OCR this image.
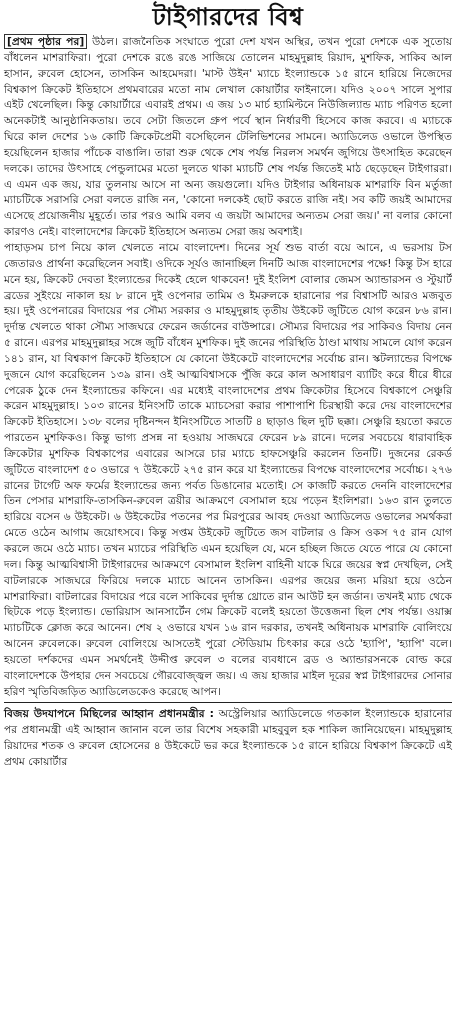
টাইগারদের বিশ্ব

[প্রথম পৃষ্ঠার পর] উঠল। রাজনৈতিক সংঘাতে পুরো দেশ যখন অস্থির, তখন পুরো দেশকে এক সুতোয় বাঁধলেন মাশরাফিরা। পুরো দেশকে রঙে রঙে সাজিয়ে তোলেন মাহমুদুল্লাহ রিয়াদ, মুশফিক, সাকিব আল হাসান, রুবেল হোসেন, তাসকিন আহমেদরা। 'মাস্ট উইন' ম্যাচে ইংল্যান্ডকে ১৫ রানে হারিয়ে নিজেদের বিশ্বকাপ ক্রিকেট ইতিহাসে প্রথমবারের মতো নাম লেখাল কোয়ার্টার ফাইনালে। যদিও ২০০৭ সালে সুপার এইট খেলেছিল। কিন্তু কোয়ার্টারে এবারই প্রথম। এ জয় ১৩ মার্চ হ্যামিল্টনে নিউজিল্যান্ড ম্যাচ পরিণত হলো অনেকটাই আনুষ্ঠানিকতায়। তবে সেটা জিতলে গ্রুপ পর্বে স্থান নির্ধারণী হিসেবে কাজ করবে। এ ম্যাচকে ঘিরে কাল দেশের ১৬ কোটি ক্রিকেটপ্রেমী বসেছিলেন টেলিভিশনের সামনে। অ্যাডিলেড ওভালে উপস্থিত হয়েছিলেন হাজার পাঁচেক বাঙালি। তারা শুরু থেকে শেষ পর্যন্ত নিরলস সমর্থন জুগিয়ে উৎসাহিত করেছেন দলকে। তাদের উৎসাহে পেন্ডুলামের মতো দুলতে থাকা ম্যাচটি শেষ পর্যন্ত জিতেই মাঠ ছেড়েছেন টাইগাররা। এ এমন এক জয়, যার তুলনায় আসে না অন্য জয়গুলো। যদিও টাইগার অধিনায়ক মাশরাফি বিন মর্তুজা ম্যাচটিকে সরাসরি সেরা বলতে রাজি নন, 'কোনো দলকেই ছোট করতে রাজি নই। সব কটি জয়ই আমাদের এসেছে প্রয়োজনীয় মুহূর্তে। তার পরও আমি বলব এ জয়টা আমাদের অন্যতম সেরা জয়।' না বলার কোনো কারণও নেই। বাংলাদেশের ক্রিকেট ইতিহাসে অন্যতম সেরা জয় অবশ্যই।

পাহাড়সম চাপ নিয়ে কাল খেলতে নামে বাংলাদেশ। দিনের সূর্য শুভ বার্তা বয়ে আনে, এ ভরসায় টস জেতারও প্রার্থনা করেছিলেন সবাই। ওদিকে সূর্যও জানাচ্ছিল দিনটি আজ বাংলাদেশের পক্ষে! কিন্তু টস হারে মনে হয়, ক্রিকেট দেবতা ইংল্যান্ডের দিকেই হেলে থাকবেন! দুই ইংলিশ বোলার জেমস অ্যান্ডারসন ও স্টুয়ার্ট ব্রডের সুইংয়ে নাকাল হয় ৮ রানে দুই ওপেনার তামিম ও ইমরুলকে হারানোর পর বিশ্বাসটি আরও মজবুত হয়। দুই ওপেনারের বিদায়ের পর সৌম্য সরকার ও মাহমুদুল্লাহ তৃতীয় উইকেট জুটিতে যোগ করেন ৮৬ রান। দুর্দান্ত খেলতে থাকা সৌম্য সাজঘরে ফেরেন জর্ডানের বাউন্সারে। সৌম্যর বিদায়ের পর সাকিবও বিদায় নেন ৫ রানে। এরপর মাহমুদুল্লাহর সঙ্গে জুটি বাঁধেন মুশফিক। দুই জনের পরিস্থিতি ঠাণ্ডা মাথায় সামলে যোগ করেন ১৪১ রান, যা বিশ্বকাপ ক্রিকেট ইতিহাসে যে কোনো উইকেটে বাংলাদেশের সর্বোচ্চ রান। স্কটল্যান্ডের বিপক্ষে দুজনে যোগ করেছিলেন ১৩৯ রান। ওই আত্মবিশ্বাসকে পুঁজি করে কাল অসাধারণ ব্যাটিং করে ধীরে ধীরে পেরেক ঠুকে দেন ইংল্যান্ডের কফিনে। এর মধ্যেই বাংলাদেশের প্রথম ক্রিকেটার হিসেবে বিশ্বকাপে সেঞ্চুরি করেন মাহমুদুল্লাহ। ১০৩ রানের ইনিংসটি তাকে ম্যাচসেরা করার পাশাপাশি চিরস্থায়ী করে দেয় বাংলাদেশের ক্রিকেট ইতিহাসে। ১৩৮ বলের দৃষ্টিনন্দন ইনিংসটিতে সাতটি ৪ ছাড়াও ছিল দুটি ছক্কা। সেঞ্চুরি হয়তো করতে পারতেন মুশফিকও। কিন্তু ভাগ্য প্রসন্ন না হওয়ায় সাজঘরে ফেরেন ৮৯ রানে। দলের সবচেয়ে ধারাবাহিক ক্রিকেটার মুশফিক বিশ্বকাপের এবারের আসরে চার ম্যাচে হাফসেঞ্চুরি করলেন তিনটি। দুজনের রেকর্ড জুটিতে বাংলাদেশ ৫০ ওভারে ৭ উইকেটে ২৭৫ রান করে যা ইংল্যান্ডের বিপক্ষে বাংলাদেশের সর্বোচ্চ। ২৭৬ রানের টার্গেট অফ ফর্মের ইংল্যান্ডের জন্য পর্বত ডিঙানোর মতোই। সে কাজটি করতে দেননি বাংলাদেশের তিন পেসার মাশরাফি-তাসকিন-রুবেল ত্রয়ীর আক্রমণে বেসামাল হয়ে পড়েন ইংলিশরা। ১৬৩ রান তুলতে হারিয়ে বসেন ৬ উইকেট। ৬ উইকেটের পতনের পর মিরপুরের আবহ দেওয়া অ্যাডিলেড ওভালের সমর্থকরা মেতে ওঠেন আগাম জয়োৎসবে। কিন্তু সপ্তম উইকেট জুটিতে জস বাটলার ও ক্রিস ওকস ৭৫ রান যোগ করলে জমে ওঠে ম্যাচ। তখন ম্যাচের পরিস্থিতি এমন হয়েছিল যে, মনে হচ্ছিল জিতে যেতে পারে যে কোনো দল। কিন্তু আত্মবিশ্বাসী টাইগারদের আক্রমণে বেসামাল ইংলিশ বাহিনী যাকে ঘিরে জয়ের স্বপ্ন দেখছিল, সেই বাটলারকে সাজঘরে ফিরিয়ে দলকে ম্যাচে আনেন তাসকিন। এরপর জয়ের জন্য মরিয়া হয়ে ওঠেন মাশরাফিরা। বাটলারের বিদায়ের পরে বলে সাকিবের দুর্দান্ত থ্রোতে রান আউট হন জর্ডান। তখনই ম্যাচ থেকে ছিটকে পড়ে ইংল্যান্ড। ভোরিয়াস আনসার্টেন গেম ক্রিকেট বলেই হয়তো উত্তেজনা ছিল শেষ পর্যন্ত। ওয়াক্স ম্যাচটিকে ক্লোজ করে আনেন। শেষ ২ ওভারে যখন ১৬ রান দরকার, তখনই অধিনায়ক মাশরাফি বোলিংয়ে আনেন রুবেলকে। রুবেল বোলিংয়ে আসতেই পুরো স্টেডিয়াম চিৎকার করে ওঠে 'হ্যাপি', 'হ্যাপি' বলে। হয়তো দর্শকদের এমন সমর্থনেই উদ্দীপ্ত রুবেল ৩ বলের ব্যবধানে ব্রড ও অ্যান্ডারসনকে বোল্ড করে বাংলাদেশকে উপহার দেন সবচেয়ে গৌরবোজ্জ্বল জয়। এ জয় হাজার মাইল দূরের স্বপ্ন টাইগারদের সোনার হরিণ স্মৃতিবিজড়িত অ্যাডিলেডকেও করেছে আপন।

বিজয় উদযাপনে মিছিলের আহ্বান প্রধানমন্ত্রীর : অস্ট্রেলিয়ার অ্যাডিলেডে গতকাল ইংল্যান্ডকে হারানোর পর প্রধানমন্ত্রী এই আহ্বান জানান বলে তার বিশেষ সহকারী মাহবুবুল হক শাকিল জানিয়েছেন। মাহমুদুল্লাহ রিয়াদের শতক ও রুবেল হোসেনের ৪ উইকেটে ভর করে ইংল্যান্ডকে ১৫ রানে হারিয়ে বিশ্বকাপ ক্রিকেটে এই প্রথম কোয়ার্টার
